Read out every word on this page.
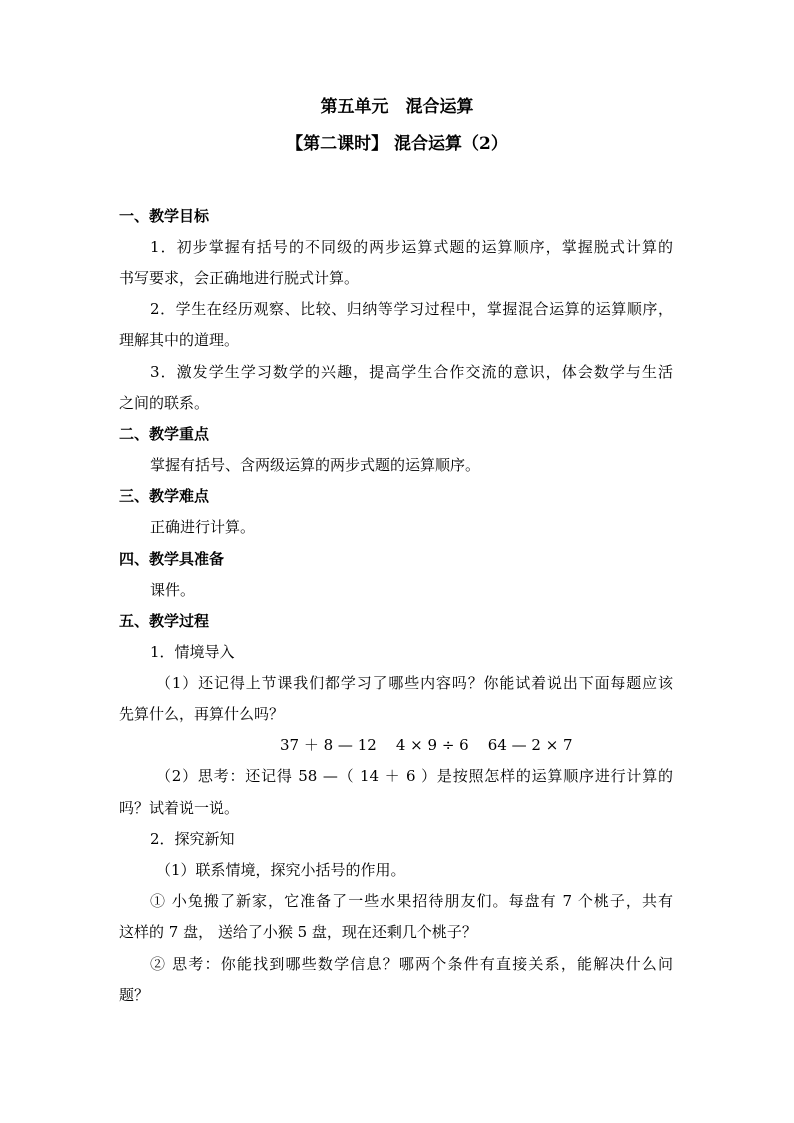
第五单元　混合运算
【第二课时】 混合运算（2）
一、教学目标
1．初步掌握有括号的不同级的两步运算式题的运算顺序，掌握脱式计算的
书写要求，会正确地进行脱式计算。
2．学生在经历观察、比较、归纳等学习过程中，掌握混合运算的运算顺序，
理解其中的道理。
3．激发学生学习数学的兴趣，提高学生合作交流的意识，体会数学与生活
之间的联系。
二、教学重点
掌握有括号、含两级运算的两步式题的运算顺序。
三、教学难点
正确进行计算。
四、教学具准备
课件。
五、教学过程
1．情境导入
（1）还记得上节课我们都学习了哪些内容吗？你能试着说出下面每题应该
先算什么，再算什么吗？
37 ＋ 8 — 12    4 × 9 ÷ 6    64 — 2 × 7
（2）思考：还记得 58 —（ 14 ＋ 6 ）是按照怎样的运算顺序进行计算的
吗？试着说一说。
2．探究新知
（1）联系情境，探究小括号的作用。
① 小兔搬了新家，它准备了一些水果招待朋友们。每盘有 7 个桃子，共有
这样的 7 盘， 送给了小猴 5 盘，现在还剩几个桃子？
② 思考：你能找到哪些数学信息？哪两个条件有直接关系，能解决什么问
题？
